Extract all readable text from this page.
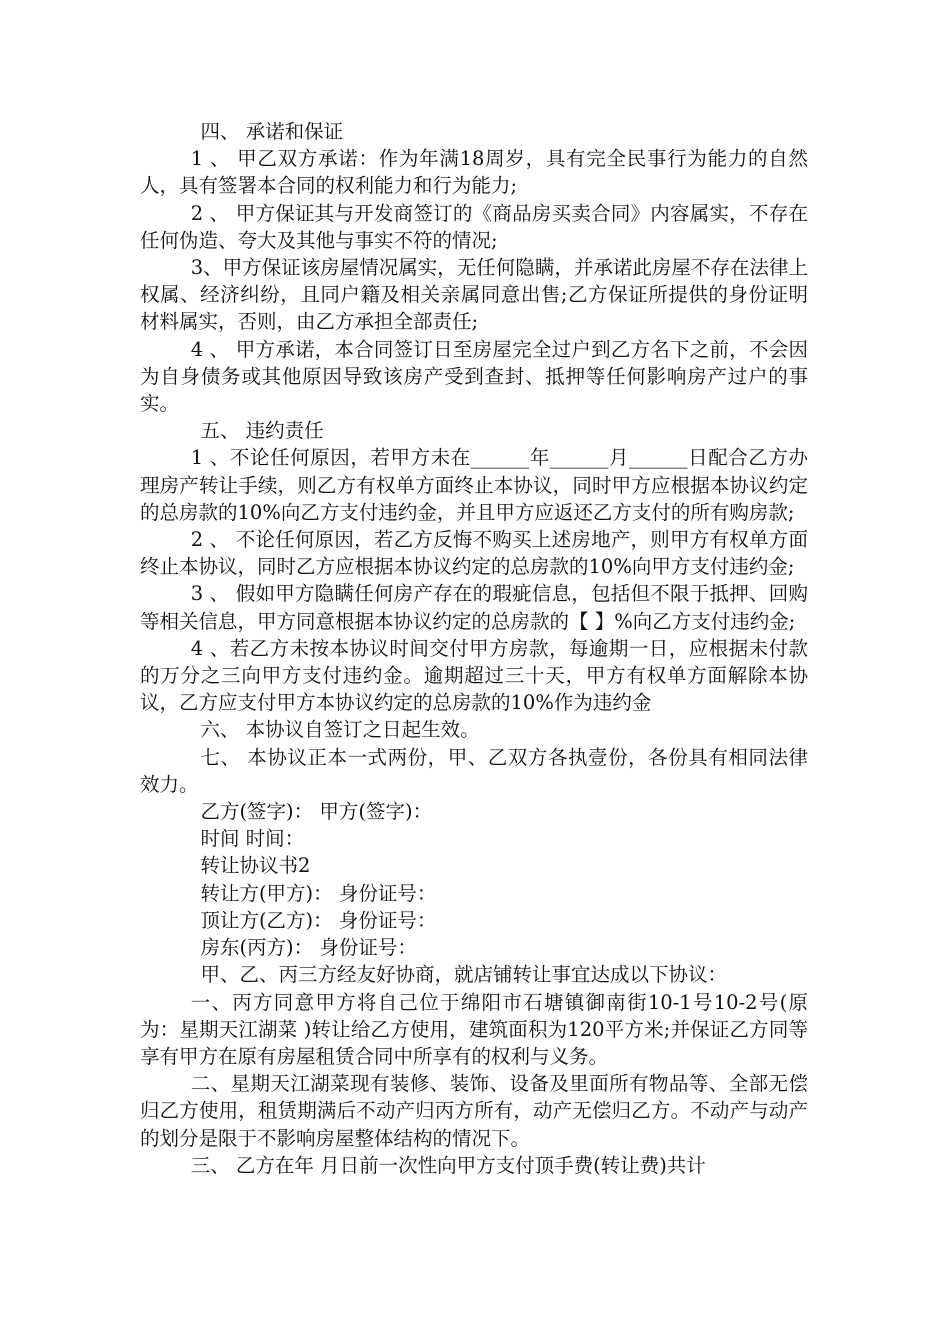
四、 承诺和保证

1 、 甲乙双方承诺：作为年满18周岁，具有完全民事行为能力的自然人，具有签署本合同的权利能力和行为能力;

2 、 甲方保证其与开发商签订的《商品房买卖合同》内容属实，不存在任何伪造、夸大及其他与事实不符的情况;

3、甲方保证该房屋情况属实，无任何隐瞒，并承诺此房屋不存在法律上权属、经济纠纷，且同户籍及相关亲属同意出售;乙方保证所提供的身份证明材料属实，否则，由乙方承担全部责任;

4 、 甲方承诺，本合同签订日至房屋完全过户到乙方名下之前，不会因为自身债务或其他原因导致该房产受到查封、抵押等任何影响房产过户的事实。

五、 违约责任

1 、不论任何原因，若甲方未在______年______月______日配合乙方办理房产转让手续，则乙方有权单方面终止本协议，同时甲方应根据本协议约定的总房款的10%向乙方支付违约金，并且甲方应返还乙方支付的所有购房款;

2 、 不论任何原因，若乙方反悔不购买上述房地产，则甲方有权单方面终止本协议，同时乙方应根据本协议约定的总房款的10%向甲方支付违约金;

3 、 假如甲方隐瞒任何房产存在的瑕疵信息，包括但不限于抵押、回购等相关信息，甲方同意根据本协议约定的总房款的【 】%向乙方支付违约金;

4 、若乙方未按本协议时间交付甲方房款，每逾期一日，应根据未付款的万分之三向甲方支付违约金。逾期超过三十天，甲方有权单方面解除本协议，乙方应支付甲方本协议约定的总房款的10%作为违约金

六、 本协议自签订之日起生效。

七、 本协议正本一式两份，甲、乙双方各执壹份，各份具有相同法律效力。

乙方(签字)： 甲方(签字)：

时间 时间：

转让协议书2

转让方(甲方)： 身份证号：

顶让方(乙方)： 身份证号：

房东(丙方)： 身份证号：

甲、乙、丙三方经友好协商，就店铺转让事宜达成以下协议：

一、丙方同意甲方将自己位于绵阳市石塘镇御南街10-1号10-2号(原为：星期天江湖菜 )转让给乙方使用，建筑面积为120平方米;并保证乙方同等享有甲方在原有房屋租赁合同中所享有的权利与义务。

二、星期天江湖菜现有装修、装饰、设备及里面所有物品等、全部无偿归乙方使用，租赁期满后不动产归丙方所有，动产无偿归乙方。不动产与动产的划分是限于不影响房屋整体结构的情况下。

三、 乙方在年 月日前一次性向甲方支付顶手费(转让费)共计
